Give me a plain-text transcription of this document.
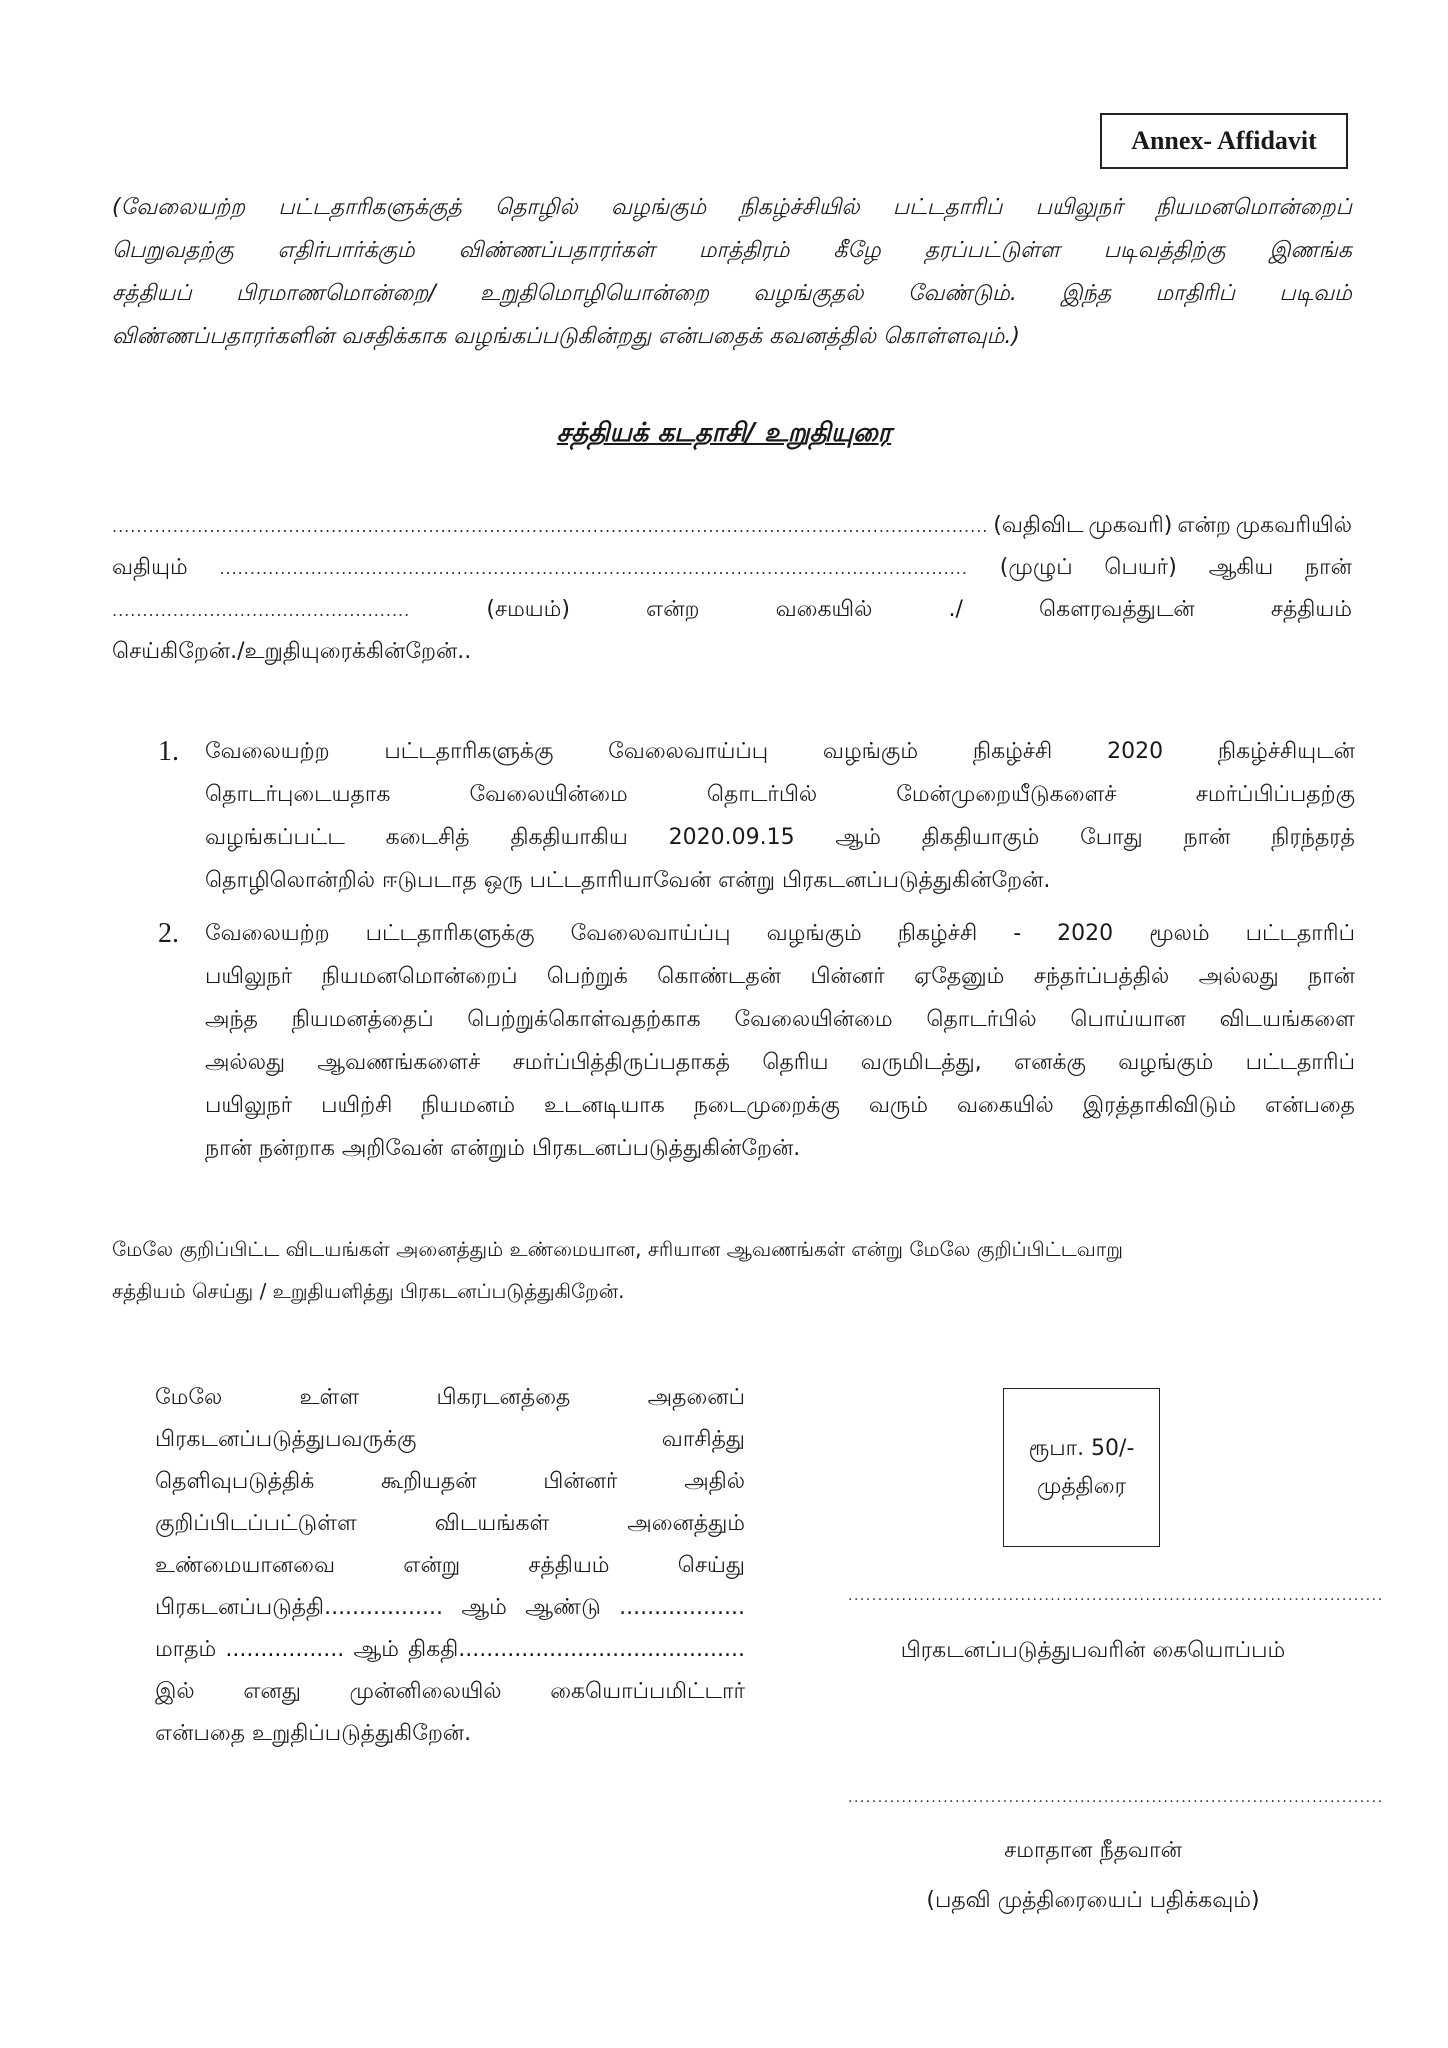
Annex- Affidavit
(வேலையற்ற பட்டதாரிகளுக்குத் தொழில் வழங்கும் நிகழ்ச்சியில் பட்டதாரிப் பயிலுநர் நியமனமொன்றைப்
பெறுவதற்கு எதிர்பார்க்கும் விண்ணப்பதாரர்கள் மாத்திரம் கீழே தரப்பட்டுள்ள படிவத்திற்கு இணங்க
சத்தியப் பிரமாணமொன்றை/ உறுதிமொழியொன்றை வழங்குதல் வேண்டும். இந்த மாதிரிப் படிவம்
விண்ணப்பதாரர்களின் வசதிக்காக வழங்கப்படுகின்றது என்பதைக் கவனத்தில் கொள்ளவும்.)
சத்தியக் கடதாசி/ உறுதியுரை
................................................................................................................................................ (வதிவிட முகவரி) என்ற முகவரியில்
வதியும் ........................................................................................................................... (முழுப் பெயர்) ஆகிய நான்
.................................................	(சமயம்)	என்ற	வகையில்	./	கௌரவத்துடன்	சத்தியம்
செய்கிறேன்./உறுதியுரைக்கின்றேன்..
1. வேலையற்ற பட்டதாரிகளுக்கு வேலைவாய்ப்பு வழங்கும் நிகழ்ச்சி 2020 நிகழ்ச்சியுடன்
தொடர்புடையதாக வேலையின்மை தொடர்பில் மேன்முறையீடுகளைச் சமர்ப்பிப்பதற்கு
வழங்கப்பட்ட கடைசித் திகதியாகிய 2020.09.15 ஆம் திகதியாகும் போது நான் நிரந்தரத்
தொழிலொன்றில் ஈடுபடாத ஒரு பட்டதாரியாவேன் என்று பிரகடனப்படுத்துகின்றேன்.
2. வேலையற்ற பட்டதாரிகளுக்கு வேலைவாய்ப்பு வழங்கும் நிகழ்ச்சி - 2020 மூலம் பட்டதாரிப்
பயிலுநர் நியமனமொன்றைப் பெற்றுக் கொண்டதன் பின்னர் ஏதேனும் சந்தர்ப்பத்தில் அல்லது நான்
அந்த நியமனத்தைப் பெற்றுக்கொள்வதற்காக வேலையின்மை தொடர்பில் பொய்யான விடயங்களை
அல்லது ஆவணங்களைச் சமர்ப்பித்திருப்பதாகத் தெரிய வருமிடத்து, எனக்கு வழங்கும் பட்டதாரிப்
பயிலுநர் பயிற்சி நியமனம் உடனடியாக நடைமுறைக்கு வரும் வகையில் இரத்தாகிவிடும் என்பதை
நான் நன்றாக அறிவேன் என்றும் பிரகடனப்படுத்துகின்றேன்.
மேலே குறிப்பிட்ட விடயங்கள் அனைத்தும் உண்மையான, சரியான ஆவணங்கள் என்று மேலே குறிப்பிட்டவாறு
சத்தியம் செய்து / உறுதியளித்து பிரகடனப்படுத்துகிறேன்.
மேலே உள்ள பிகரடனத்தை அதனைப்
பிரகடனப்படுத்துபவருக்கு வாசித்து
தெளிவுபடுத்திக் கூறியதன் பின்னர் அதில்
குறிப்பிடப்பட்டுள்ள விடயங்கள் அனைத்தும்
உண்மையானவை என்று சத்தியம் செய்து
பிரகடனப்படுத்தி................. ஆம் ஆண்டு ..................
மாதம் ................. ஆம் திகதி.........................................
இல் எனது முன்னிலையில் கையொப்பமிட்டார்
என்பதை உறுதிப்படுத்துகிறேன்.
ரூபா. 50/-
முத்திரை
..........................................................................................
பிரகடனப்படுத்துபவரின் கையொப்பம்
..........................................................................................
சமாதான நீதவான்
(பதவி முத்திரையைப் பதிக்கவும்)
